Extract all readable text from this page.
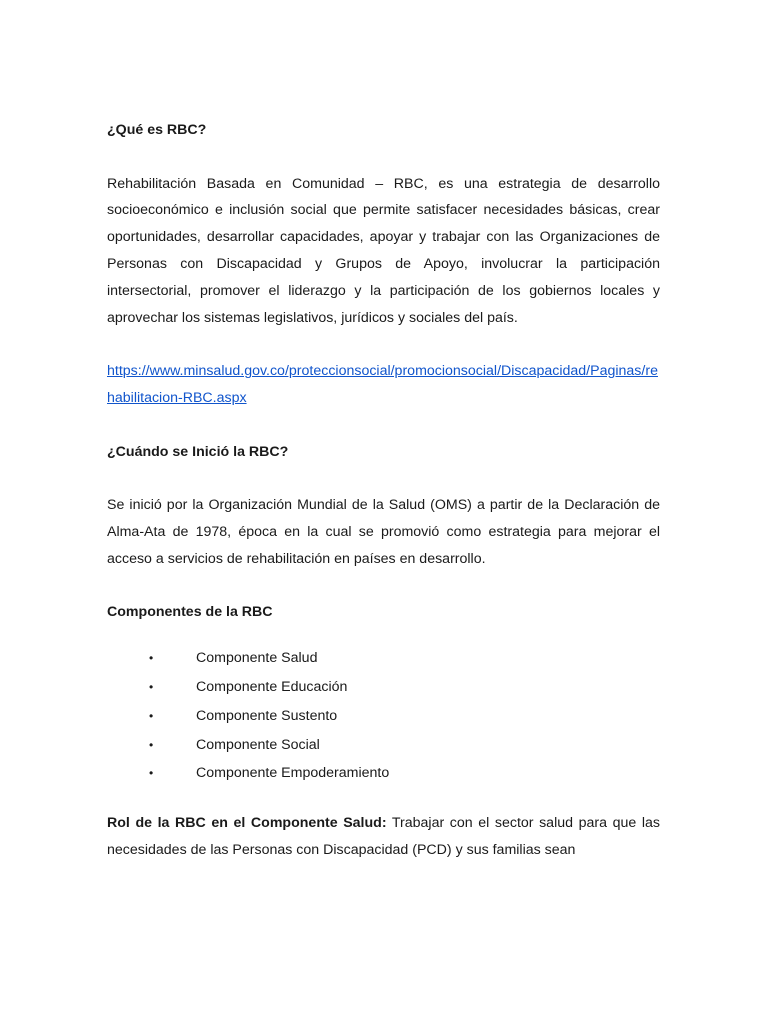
¿Qué es RBC?

Rehabilitación Basada en Comunidad – RBC, es una estrategia de desarrollo socioeconómico e inclusión social que permite satisfacer necesidades básicas, crear oportunidades, desarrollar capacidades, apoyar y trabajar con las Organizaciones de Personas con Discapacidad y Grupos de Apoyo, involucrar la participación intersectorial, promover el liderazgo y la participación de los gobiernos locales y aprovechar los sistemas legislativos, jurídicos y sociales del país.

https://www.minsalud.gov.co/proteccionsocial/promocionsocial/Discapacidad/Paginas/rehabilitacion-RBC.aspx

¿Cuándo se Inició la RBC?

Se inició por la Organización Mundial de la Salud (OMS) a partir de la Declaración de Alma-Ata de 1978, época en la cual se promovió como estrategia para mejorar el acceso a servicios de rehabilitación en países en desarrollo.

Componentes de la RBC

•	Componente Salud
•	Componente Educación
•	Componente Sustento
•	Componente Social
•	Componente Empoderamiento

Rol de la RBC en el Componente Salud: Trabajar con el sector salud para que las necesidades de las Personas con Discapacidad (PCD) y sus familias sean
